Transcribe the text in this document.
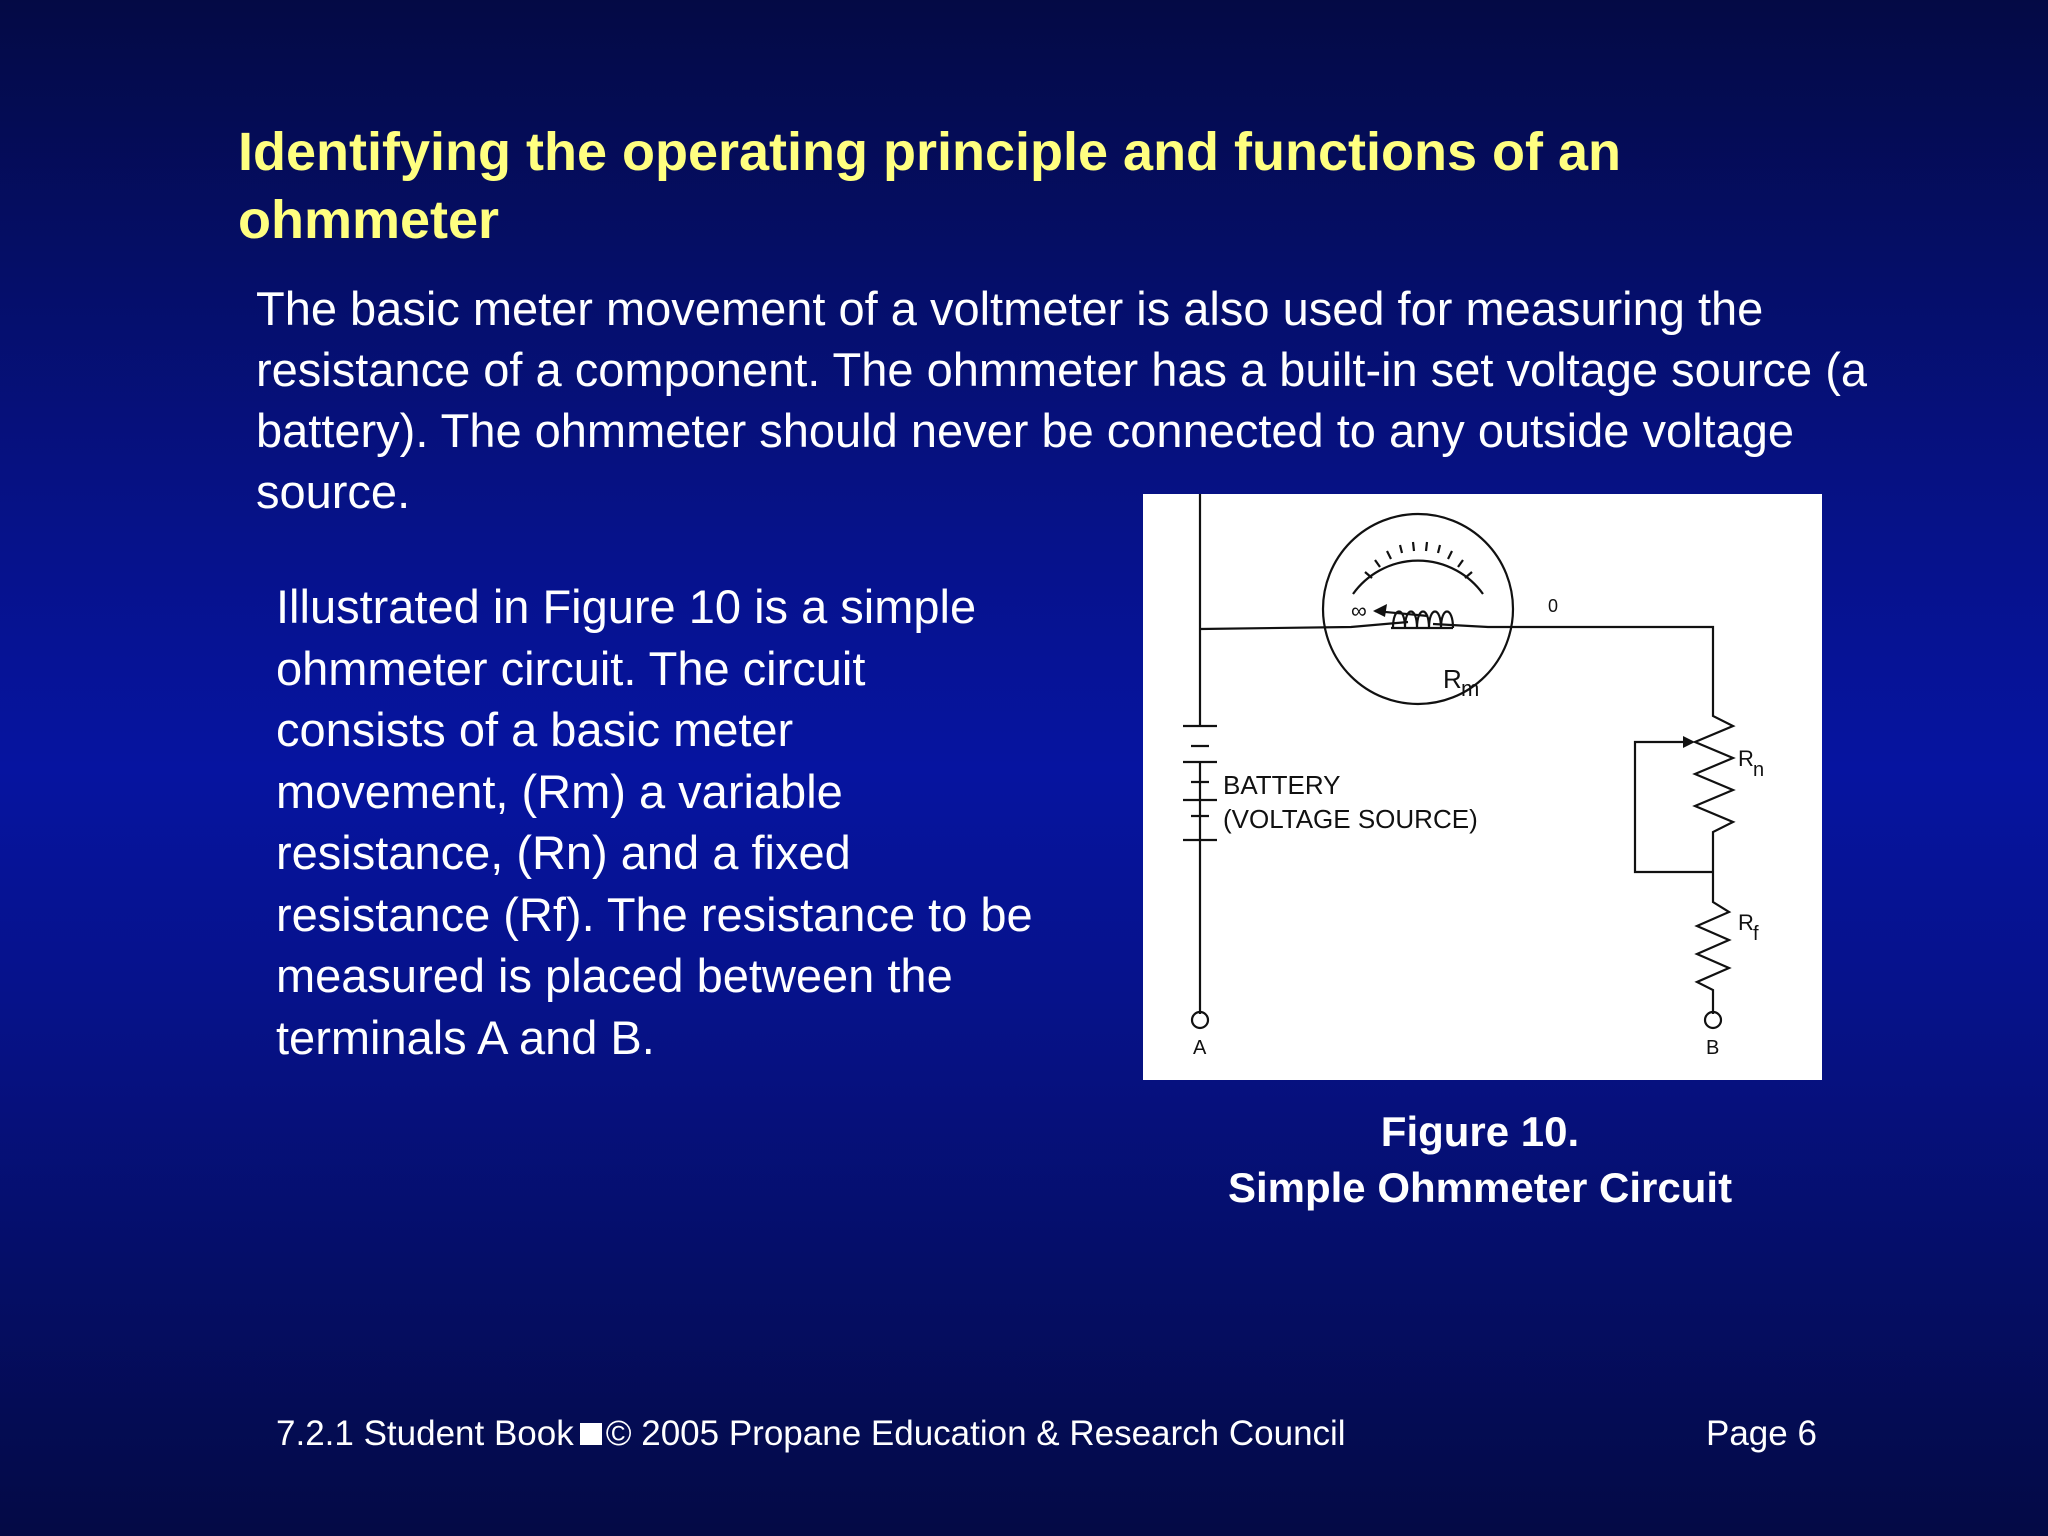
Identifying the operating principle and functions of an ohmmeter

The basic meter movement of a voltmeter is also used for measuring the resistance of a component. The ohmmeter has a built-in set voltage source (a battery). The ohmmeter should never be connected to any outside voltage source.

Illustrated in Figure 10 is a simple ohmmeter circuit. The circuit consists of a basic meter movement, (Rm) a variable resistance, (Rn) and a fixed resistance (Rf). The resistance to be measured is placed between the terminals A and B.

∞	0
R m
BATTERY
(VOLTAGE SOURCE)
R n
R f
A	B
Figure 10.
Simple Ohmmeter Circuit
7.2.1 Student Book © 2005 Propane Education & Research Council	Page 6
